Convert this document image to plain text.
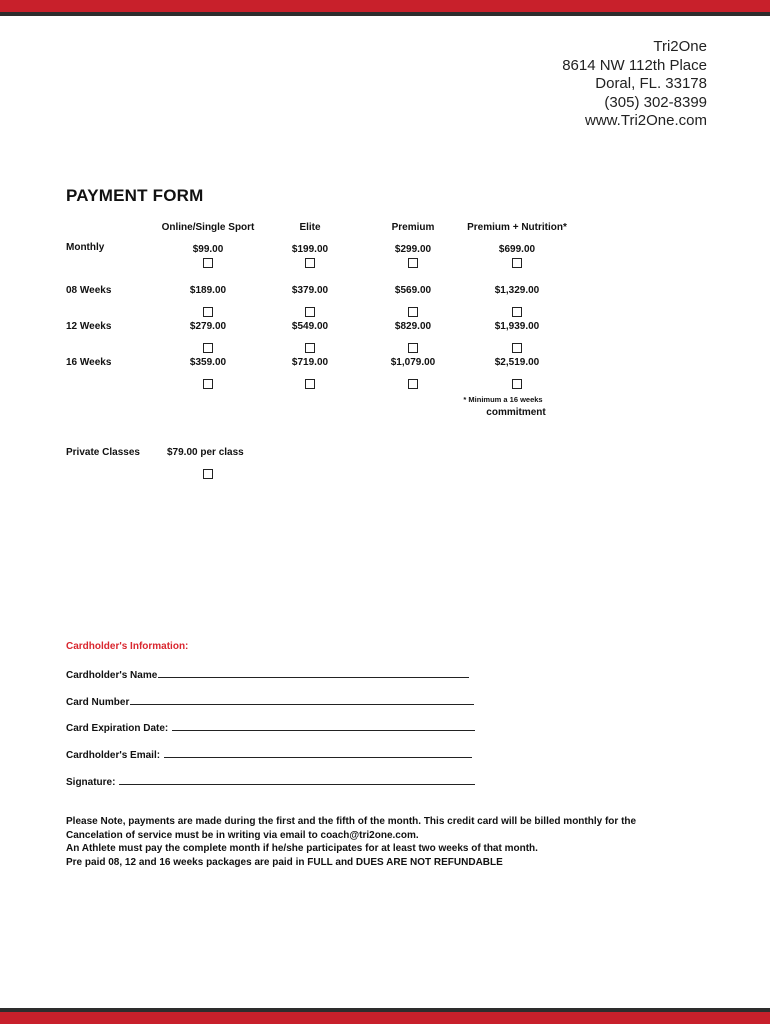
Tri2One
8614 NW 112th Place
Doral, FL. 33178
(305) 302-8399
www.Tri2One.com
PAYMENT FORM
Online/Single Sport	Elite	Premium	Premium + Nutrition*
Monthly	$99.00	$199.00	$299.00	$699.00
08 Weeks	$189.00	$379.00	$569.00	$1,329.00
12 Weeks	$279.00	$549.00	$829.00	$1,939.00
16 Weeks	$359.00	$719.00	$1,079.00	$2,519.00
* Minimum a 16 weeks
commitment
Private Classes	$79.00 per class
Cardholder's Information:
Cardholder's Name
Card Number
Card Expiration Date:
Cardholder's Email:
Signature:
Please Note, payments are made during the first and the fifth of the month. This credit card will be billed monthly for the
Cancelation of service must be in writing via email to coach@tri2one.com.
An Athlete must pay the complete month if he/she participates for at least two weeks of that month.
Pre paid 08, 12 and 16 weeks packages are paid in FULL and DUES ARE NOT REFUNDABLE
